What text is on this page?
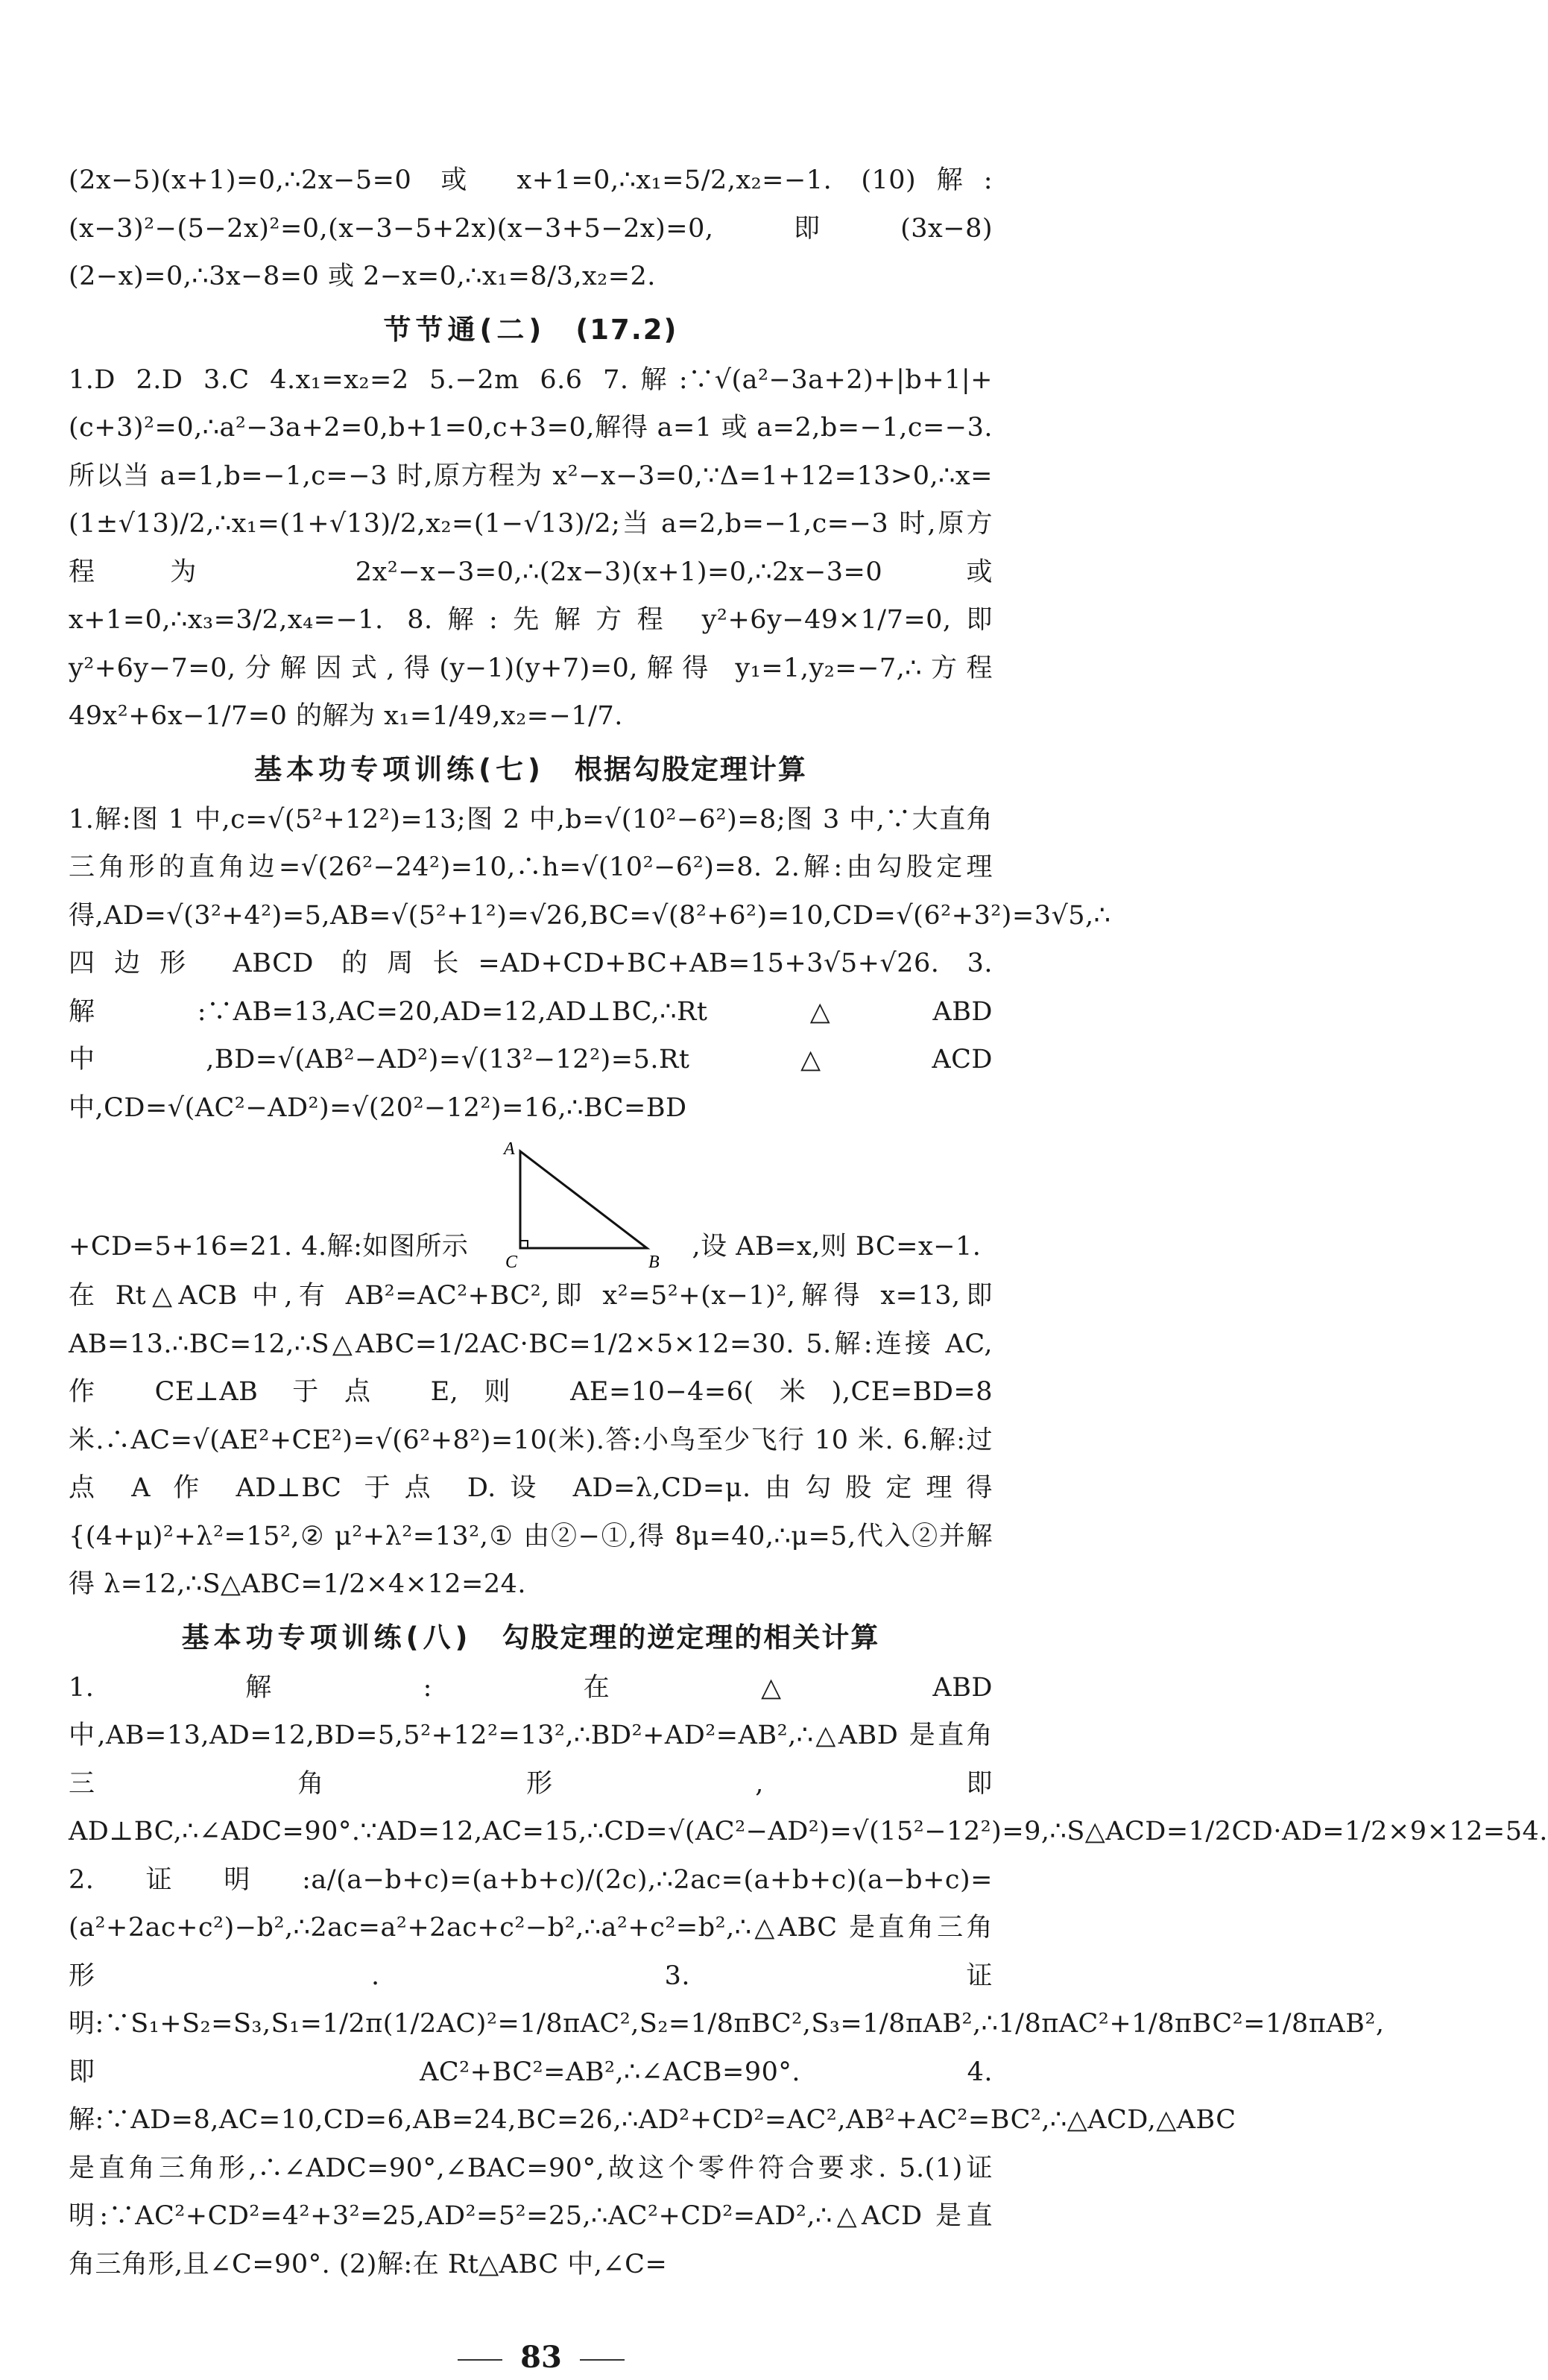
(2x−5)(x+1)=0,∴2x−5=0 或 x+1=0,∴x₁=5/2,x₂=−1. (10)解:(x−3)²−(5−2x)²=0,(x−3−5+2x)(x−3+5−2x)=0,即(3x−8)(2−x)=0,∴3x−8=0 或 2−x=0,∴x₁=8/3,x₂=2.

节节通(二) (17.2)

1.D 2.D 3.C 4.x₁=x₂=2 5.−2m 6.6 7.解:∵√(a²−3a+2)+|b+1|+(c+3)²=0,∴a²−3a+2=0,b+1=0,c+3=0,解得 a=1 或 a=2,b=−1,c=−3.所以当 a=1,b=−1,c=−3 时,原方程为 x²−x−3=0,∵Δ=1+12=13>0,∴x=(1±√13)/2,∴x₁=(1+√13)/2,x₂=(1−√13)/2;当 a=2,b=−1,c=−3 时,原方程为 2x²−x−3=0,∴(2x−3)(x+1)=0,∴2x−3=0 或 x+1=0,∴x₃=3/2,x₄=−1. 8.解:先解方程 y²+6y−49×1/7=0,即 y²+6y−7=0,分解因式,得(y−1)(y+7)=0,解得 y₁=1,y₂=−7,∴方程 49x²+6x−1/7=0 的解为 x₁=1/49,x₂=−1/7.

基本功专项训练(七) 根据勾股定理计算

1.解:图 1 中,c=√(5²+12²)=13;图 2 中,b=√(10²−6²)=8;图 3 中,∵大直角三角形的直角边=√(26²−24²)=10,∴h=√(10²−6²)=8. 2.解:由勾股定理得,AD=√(3²+4²)=5,AB=√(5²+1²)=√26,BC=√(8²+6²)=10,CD=√(6²+3²)=3√5,∴四边形 ABCD 的周长=AD+CD+BC+AB=15+3√5+√26. 3.解:∵AB=13,AC=20,AD=12,AD⊥BC,∴Rt△ABD 中,BD=√(AB²−AD²)=√(13²−12²)=5.Rt△ACD 中,CD=√(AC²−AD²)=√(20²−12²)=16,∴BC=BD

+CD=5+16=21. 4.解:如图所示
A
C	B
,设 AB=x,则 BC=x−1.

在 Rt△ACB 中,有 AB²=AC²+BC²,即 x²=5²+(x−1)²,解得 x=13,即 AB=13.∴BC=12,∴S△ABC=1/2AC·BC=1/2×5×12=30. 5.解:连接 AC,作 CE⊥AB 于点 E,则 AE=10−4=6(米),CE=BD=8 米.∴AC=√(AE²+CE²)=√(6²+8²)=10(米).答:小鸟至少飞行 10 米. 6.解:过点 A 作 AD⊥BC 于点 D.设 AD=λ,CD=μ.由勾股定理得 {(4+μ)²+λ²=15²,② μ²+λ²=13²,① 由②−①,得 8μ=40,∴μ=5,代入②并解得 λ=12,∴S△ABC=1/2×4×12=24.

基本功专项训练(八) 勾股定理的逆定理的相关计算

1.解:在△ABD 中,AB=13,AD=12,BD=5,5²+12²=13²,∴BD²+AD²=AB²,∴△ABD 是直角三角形,即 AD⊥BC,∴∠ADC=90°.∵AD=12,AC=15,∴CD=√(AC²−AD²)=√(15²−12²)=9,∴S△ACD=1/2CD·AD=1/2×9×12=54. 2.证明:a/(a−b+c)=(a+b+c)/(2c),∴2ac=(a+b+c)(a−b+c)=(a²+2ac+c²)−b²,∴2ac=a²+2ac+c²−b²,∴a²+c²=b²,∴△ABC 是直角三角形. 3.证明:∵S₁+S₂=S₃,S₁=1/2π(1/2AC)²=1/8πAC²,S₂=1/8πBC²,S₃=1/8πAB²,∴1/8πAC²+1/8πBC²=1/8πAB²,即 AC²+BC²=AB²,∴∠ACB=90°. 4.解:∵AD=8,AC=10,CD=6,AB=24,BC=26,∴AD²+CD²=AC²,AB²+AC²=BC²,∴△ACD,△ABC 是直角三角形,∴∠ADC=90°,∠BAC=90°,故这个零件符合要求. 5.(1)证明:∵AC²+CD²=4²+3²=25,AD²=5²=25,∴AC²+CD²=AD²,∴△ACD 是直角三角形,且∠C=90°. (2)解:在 Rt△ABC 中,∠C=

83
